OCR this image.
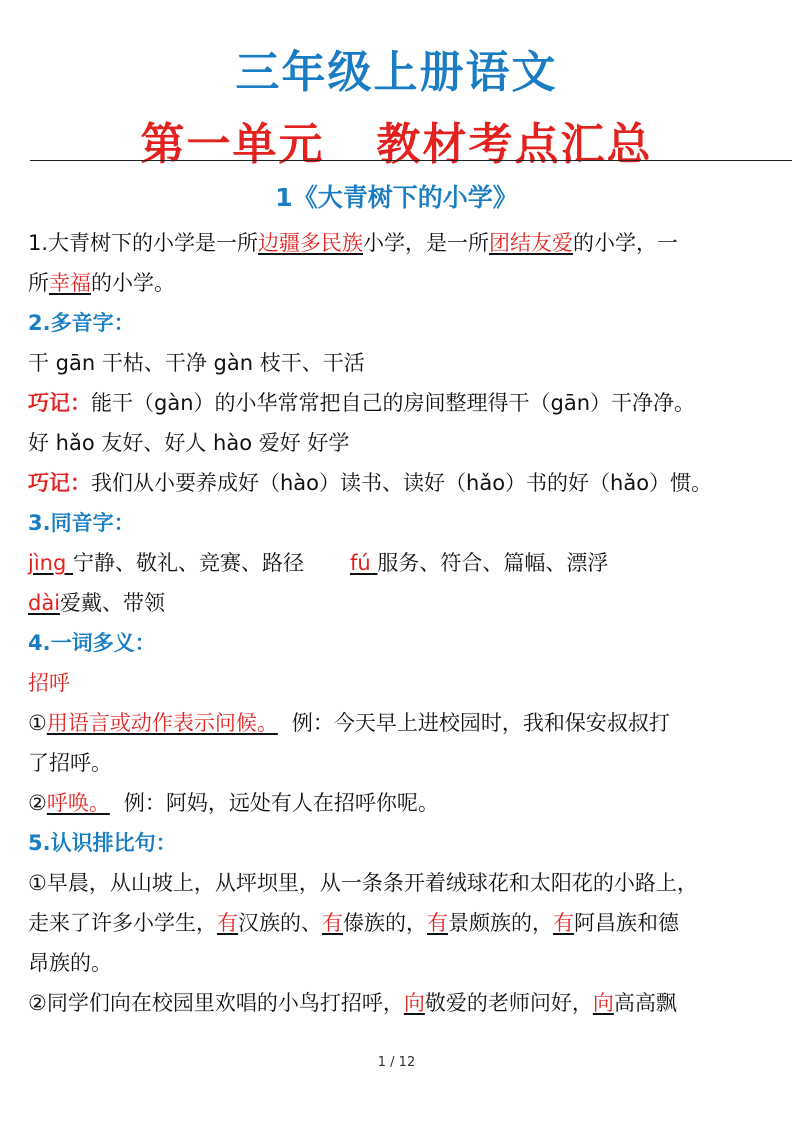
三年级上册语文
第一单元   教材考点汇总
1《大青树下的小学》
1.大青树下的小学是一所边疆多民族小学，是一所团结友爱的小学，一
所幸福的小学。
2.多音字：
干 gān 干枯、干净 gàn 枝干、干活
巧记：能干（gàn）的小华常常把自己的房间整理得干（gān）干净净。
好 hǎo 友好、好人 hào 爱好 好学
巧记：我们从小要养成好（hào）读书、读好（hǎo）书的好（hǎo）惯。
3.同音字：
jìng 宁静、敬礼、竞赛、路径 fú 服务、符合、篇幅、漂浮
dài爱戴、带领
4.一词多义：
招呼
①用语言或动作表示问候。 例：今天早上进校园时，我和保安叔叔打
了招呼。
②呼唤。 例：阿妈，远处有人在招呼你呢。
5.认识排比句：
①早晨，从山坡上，从坪坝里，从一条条开着绒球花和太阳花的小路上，
走来了许多小学生，有汉族的、有傣族的，有景颇族的，有阿昌族和德
昂族的。
②同学们向在校园里欢唱的小鸟打招呼，向敬爱的老师问好，向高高飘
1 / 12
